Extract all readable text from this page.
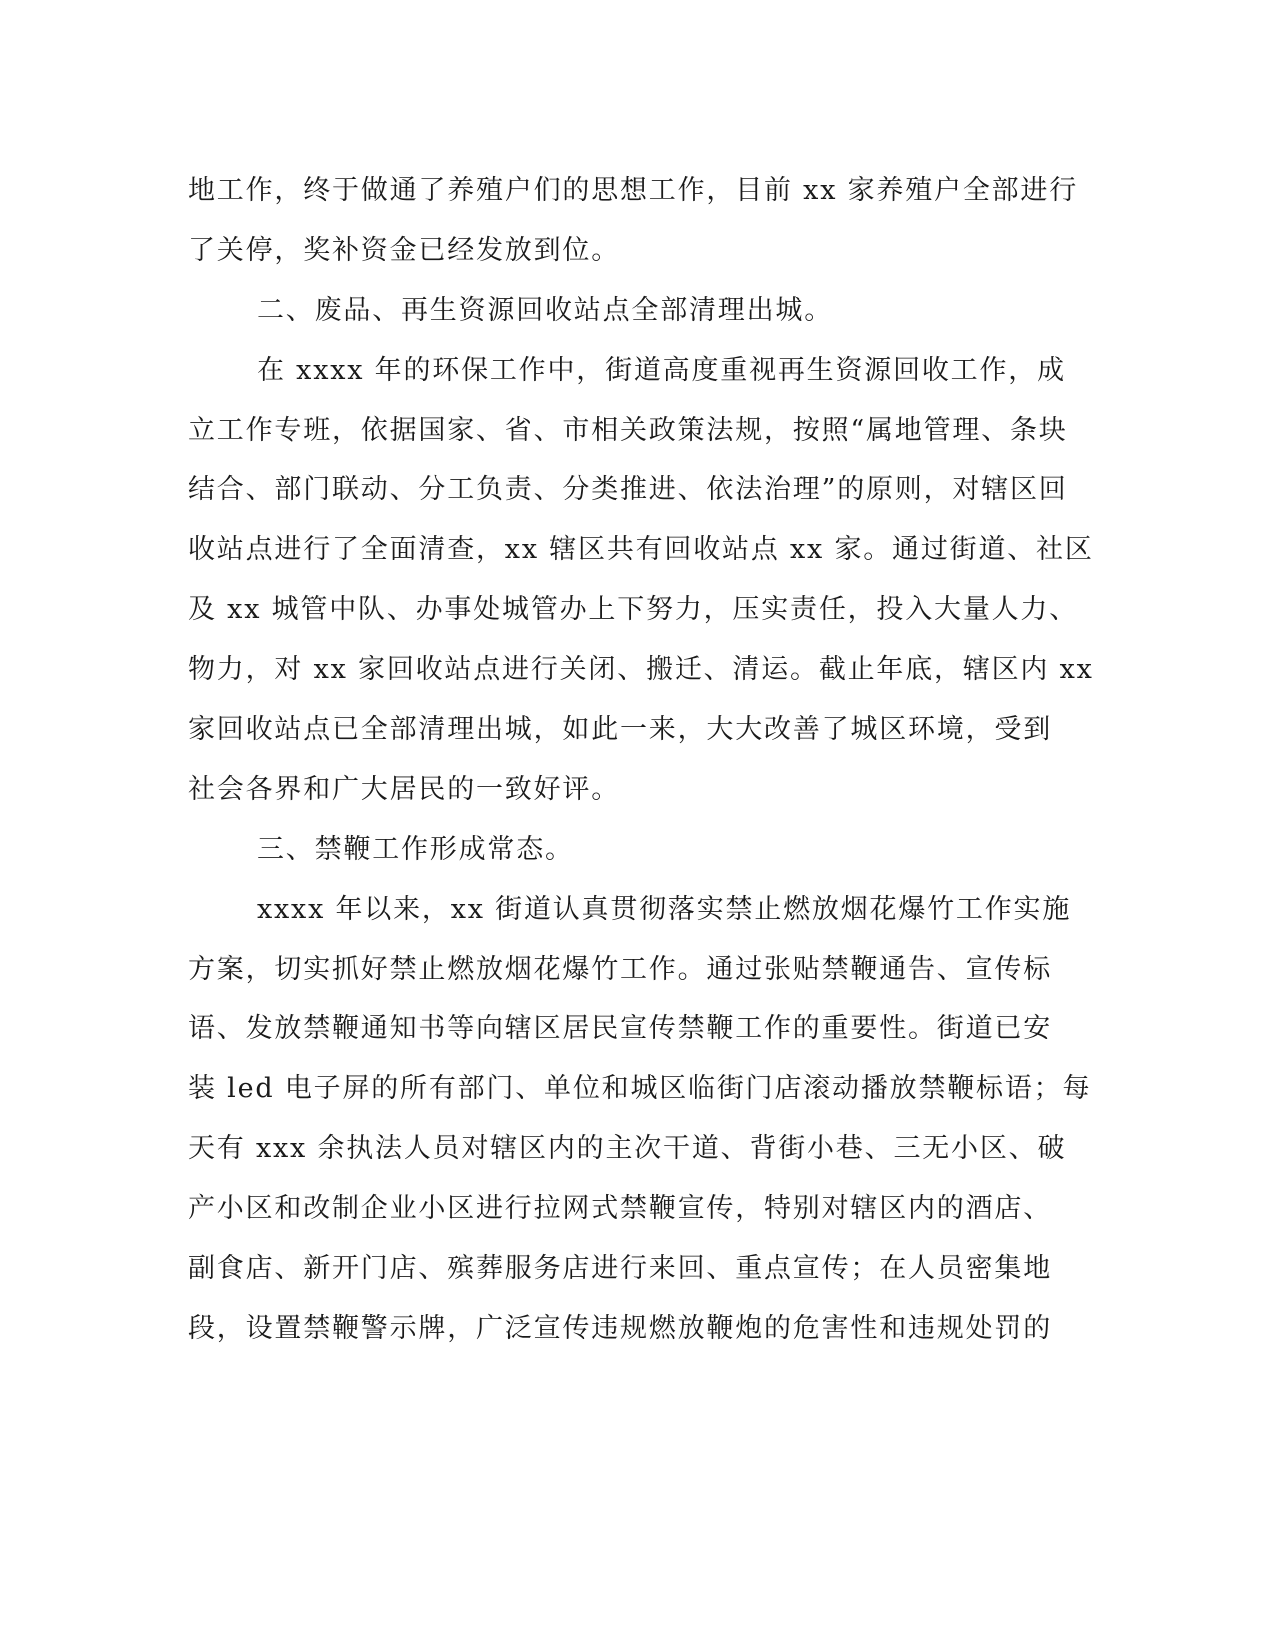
地工作，终于做通了养殖户们的思想工作，目前 xx 家养殖户全部进行
了关停，奖补资金已经发放到位。
二、废品、再生资源回收站点全部清理出城。
在 xxxx 年的环保工作中，街道高度重视再生资源回收工作，成
立工作专班，依据国家、省、市相关政策法规，按照“属地管理、条块
结合、部门联动、分工负责、分类推进、依法治理”的原则，对辖区回
收站点进行了全面清查，xx 辖区共有回收站点 xx 家。通过街道、社区
及 xx 城管中队、办事处城管办上下努力，压实责任，投入大量人力、
物力，对 xx 家回收站点进行关闭、搬迁、清运。截止年底，辖区内 xx
家回收站点已全部清理出城，如此一来，大大改善了城区环境，受到
社会各界和广大居民的一致好评。
三、禁鞭工作形成常态。
xxxx 年以来，xx 街道认真贯彻落实禁止燃放烟花爆竹工作实施
方案，切实抓好禁止燃放烟花爆竹工作。通过张贴禁鞭通告、宣传标
语、发放禁鞭通知书等向辖区居民宣传禁鞭工作的重要性。街道已安
装 led 电子屏的所有部门、单位和城区临街门店滚动播放禁鞭标语；每
天有 xxx 余执法人员对辖区内的主次干道、背街小巷、三无小区、破
产小区和改制企业小区进行拉网式禁鞭宣传，特别对辖区内的酒店、
副食店、新开门店、殡葬服务店进行来回、重点宣传；在人员密集地
段，设置禁鞭警示牌，广泛宣传违规燃放鞭炮的危害性和违规处罚的
